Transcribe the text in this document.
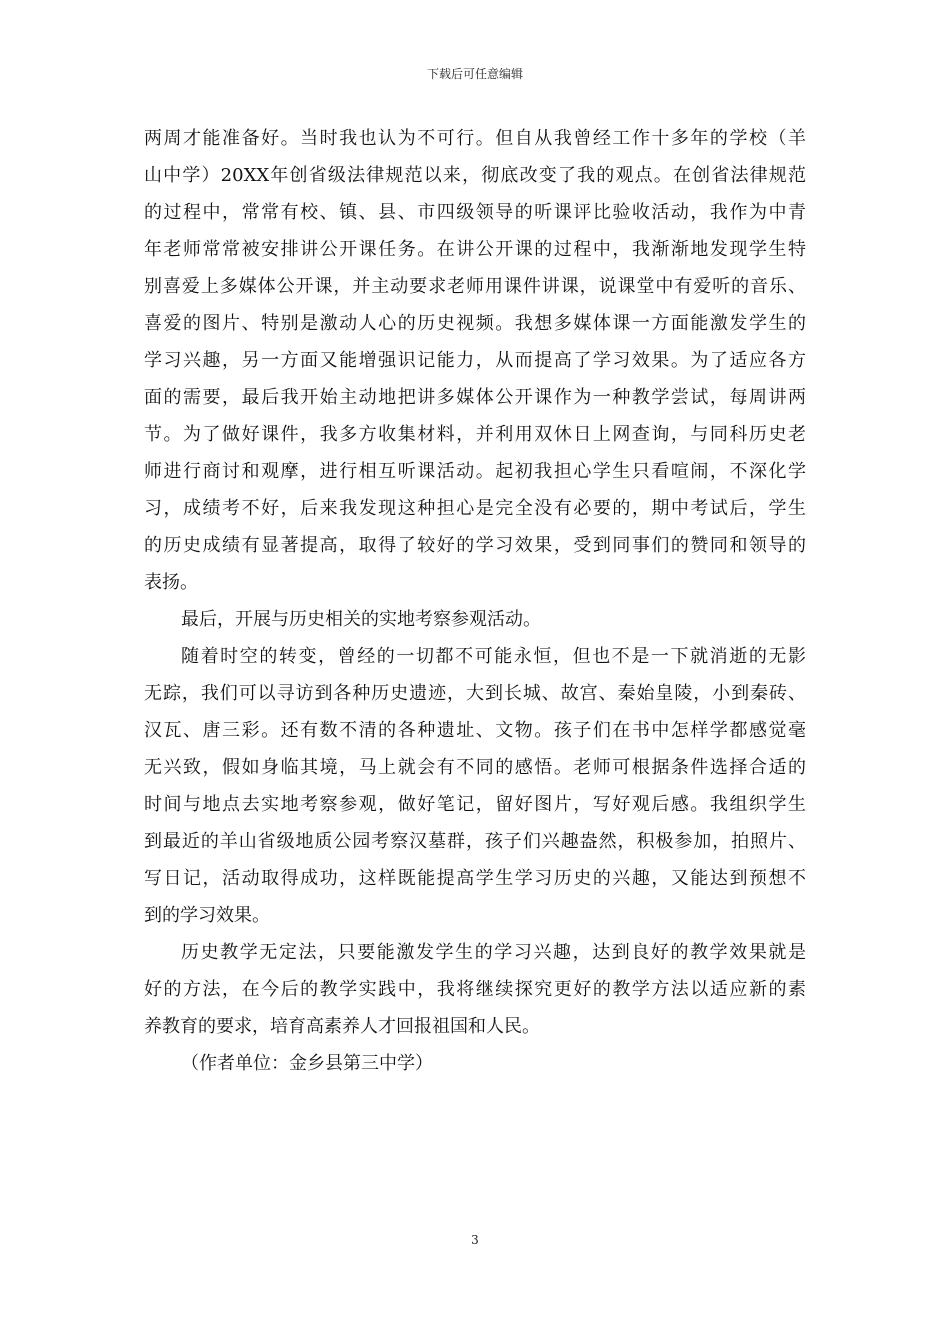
下载后可任意编辑
两周才能准备好。当时我也认为不可行。但自从我曾经工作十多年的学校（羊
山中学）20XX年创省级法律规范以来，彻底改变了我的观点。在创省法律规范
的过程中，常常有校、镇、县、市四级领导的听课评比验收活动，我作为中青
年老师常常被安排讲公开课任务。在讲公开课的过程中，我渐渐地发现学生特
别喜爱上多媒体公开课，并主动要求老师用课件讲课，说课堂中有爱听的音乐、
喜爱的图片、特别是激动人心的历史视频。我想多媒体课一方面能激发学生的
学习兴趣，另一方面又能增强识记能力，从而提高了学习效果。为了适应各方
面的需要，最后我开始主动地把讲多媒体公开课作为一种教学尝试，每周讲两
节。为了做好课件，我多方收集材料，并利用双休日上网查询，与同科历史老
师进行商讨和观摩，进行相互听课活动。起初我担心学生只看喧闹，不深化学
习，成绩考不好，后来我发现这种担心是完全没有必要的，期中考试后，学生
的历史成绩有显著提高，取得了较好的学习效果，受到同事们的赞同和领导的
表扬。
最后，开展与历史相关的实地考察参观活动。
随着时空的转变，曾经的一切都不可能永恒，但也不是一下就消逝的无影
无踪，我们可以寻访到各种历史遗迹，大到长城、故宫、秦始皇陵，小到秦砖、
汉瓦、唐三彩。还有数不清的各种遗址、文物。孩子们在书中怎样学都感觉毫
无兴致，假如身临其境，马上就会有不同的感悟。老师可根据条件选择合适的
时间与地点去实地考察参观，做好笔记，留好图片，写好观后感。我组织学生
到最近的羊山省级地质公园考察汉墓群，孩子们兴趣盎然，积极参加，拍照片、
写日记，活动取得成功，这样既能提高学生学习历史的兴趣，又能达到预想不
到的学习效果。
历史教学无定法，只要能激发学生的学习兴趣，达到良好的教学效果就是
好的方法，在今后的教学实践中，我将继续探究更好的教学方法以适应新的素
养教育的要求，培育高素养人才回报祖国和人民。
（作者单位：金乡县第三中学）
3
